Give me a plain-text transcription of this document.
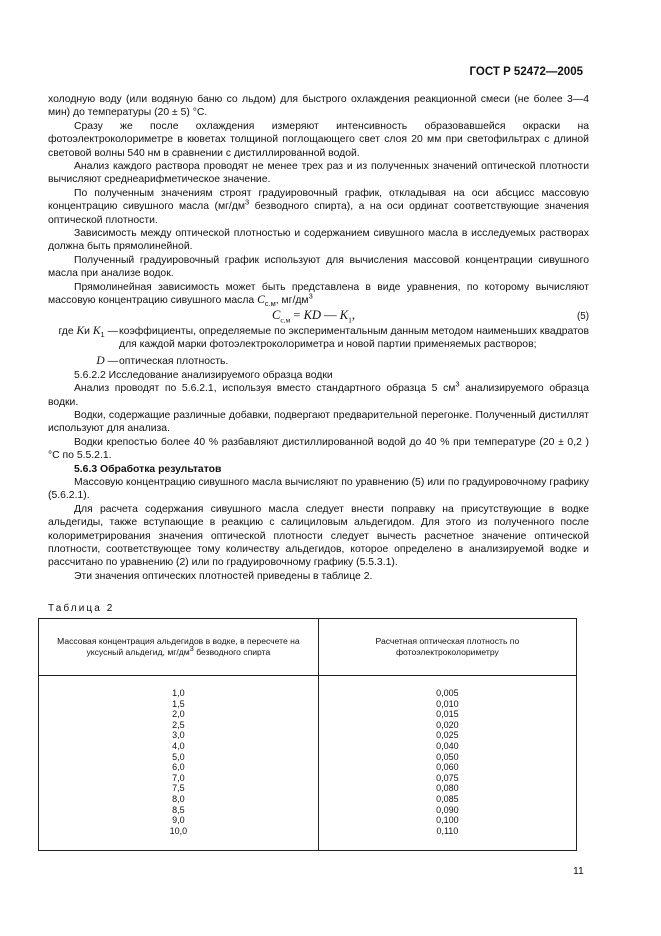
ГОСТ Р 52472—2005

холодную воду (или водяную баню со льдом) для быстрого охлаждения реакционной смеси (не более 3—4 мин) до температуры (20 ± 5) °С.

Сразу же после охлаждения измеряют интенсивность образовавшейся окраски на фотоэлектроколориметре в кюветах толщиной поглощающего свет слоя 20 мм при светофильтрах с длиной световой волны 540 нм в сравнении с дистиллированной водой.

Анализ каждого раствора проводят не менее трех раз и из полученных значений оптической плотности вычисляют среднеарифметическое значение.

По полученным значениям строят градуировочный график, откладывая на оси абсцисс массовую концентрацию сивушного масла ($мг/дм^3$ безводного спирта), а на оси ординат соответствующие значения оптической плотности.

Зависимость между оптической плотностью и содержанием сивушного масла в исследуемых растворах должна быть прямолинейной.

Полученный градуировочный график используют для вычисления массовой концентрации сивушного масла при анализе водок.

Прямолинейная зависимость может быть представлена в виде уравнения, по которому вычисляют массовую концентрацию сивушного масла $С_{с.м}$, $мг/дм^3$

$С_{с.м}$ = KD — $K_1$,	(5)
где Kи $K_1$ — коэффициенты, определяемые по экспериментальным данным методом наименьших квадратов для каждой марки фотоэлектроколориметра и новой партии применяемых растворов;
D — оптическая плотность.

5.6.2.2 Исследование анализируемого образца водки

Анализ проводят по 5.6.2.1, используя вместо стандартного образца 5 $см^3$ анализируемого образца водки.

Водки, содержащие различные добавки, подвергают предварительной перегонке. Полученный дистиллят используют для анализа.

Водки крепостью более 40 % разбавляют дистиллированной водой до 40 % при температуре (20 ± 0,2 ) °С по 5.5.2.1.

5.6.3 Обработка результатов

Массовую концентрацию сивушного масла вычисляют по уравнению (5) или по градуировочному графику (5.6.2.1).

Для расчета содержания сивушного масла следует внести поправку на присутствующие в водке альдегиды, также вступающие в реакцию с салициловым альдегидом. Для этого из полученного после колориметрирования значения оптической плотности следует вычесть расчетное значение оптической плотности, соответствующее тому количеству альдегидов, которое определено в анализируемой водке и рассчитано по уравнению (2) или по градуировочному графику (5.5.3.1).

Эти значения оптических плотностей приведены в таблице 2.

Таблица 2
Массовая концентрация альдегидов в водке, в пересчете на уксусный альдегид, $мг/дм^3$ безводного спирта	Расчетная оптическая плотность по фотоэлектроколориметру

1,0	0,005
1,5	0,010
2,0	0,015
2,5	0,020
3,0	0,025
4,0	0,040
5,0	0,050
6,0	0,060
7,0	0,075
7,5	0,080
8,0	0,085
8,5	0,090
9,0	0,100
10,0	0,110
11
